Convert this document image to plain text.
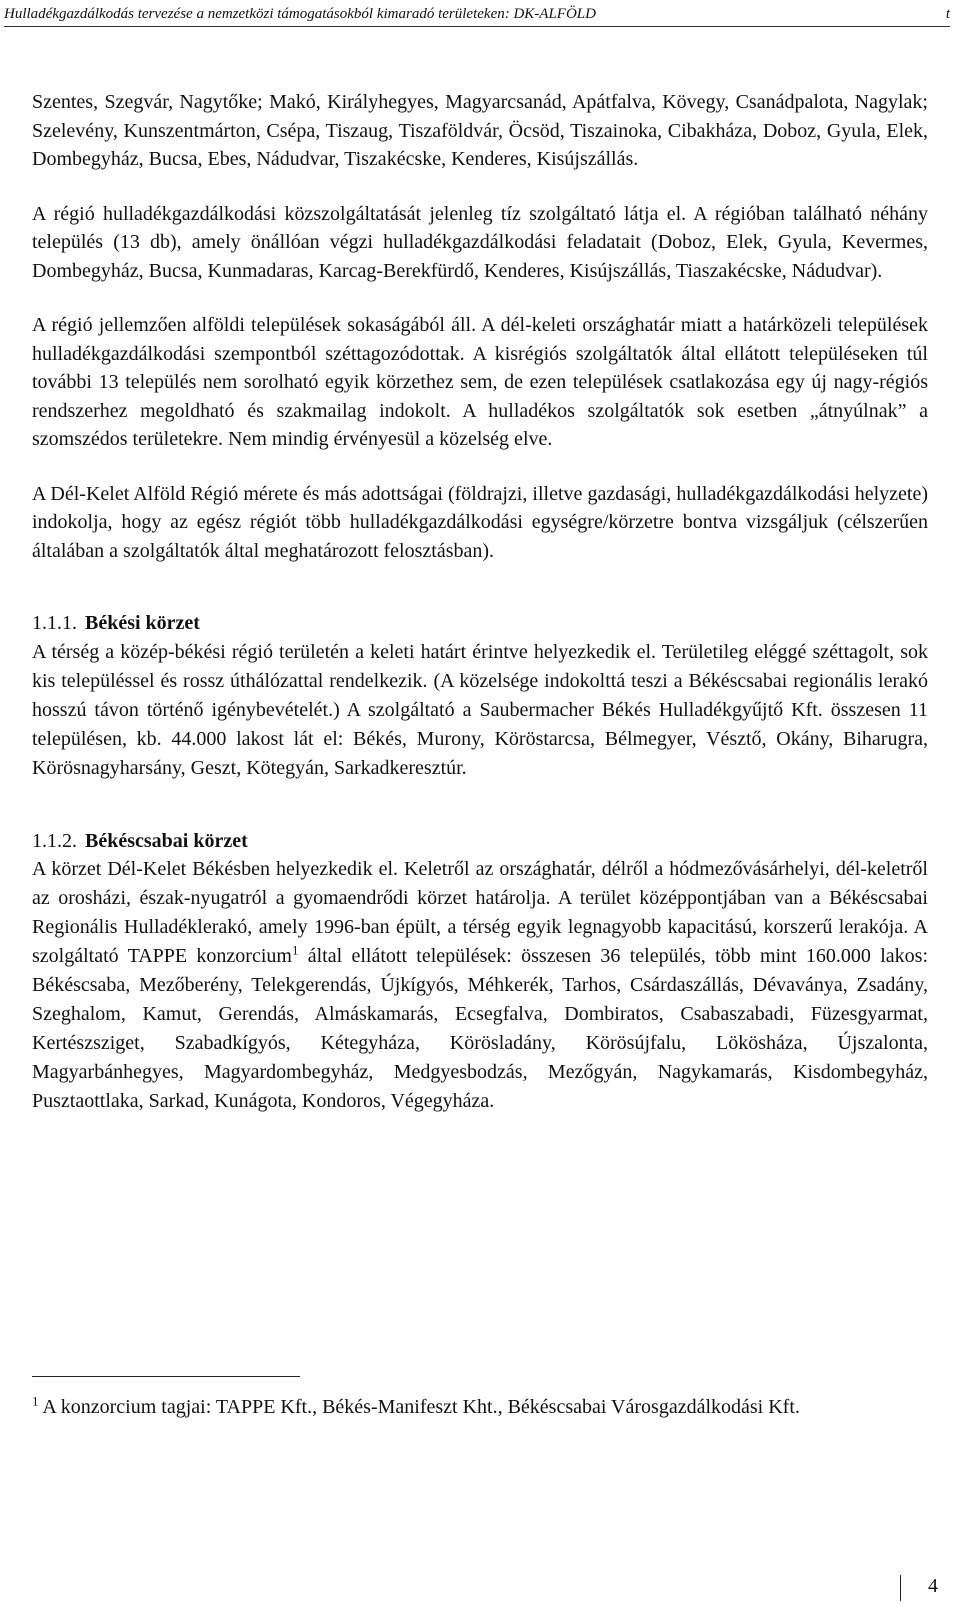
Hulladékgazdálkodás tervezése a nemzetközi támogatásokból kimaradó területeken: DK-ALFÖLD	t

Szentes, Szegvár, Nagytőke; Makó, Királyhegyes, Magyarcsanád, Apátfalva, Kövegy, Csanádpalota, Nagylak; Szelevény, Kunszentmárton, Csépa, Tiszaug, Tiszaföldvár, Öcsöd, Tiszainoka, Cibakháza, Doboz, Gyula, Elek, Dombegyház, Bucsa, Ebes, Nádudvar, Tiszakécske, Kenderes, Kisújszállás.

A régió hulladékgazdálkodási közszolgáltatását jelenleg tíz szolgáltató látja el. A régióban található néhány település (13 db), amely önállóan végzi hulladékgazdálkodási feladatait (Doboz, Elek, Gyula, Kevermes, Dombegyház, Bucsa, Kunmadaras, Karcag-Berekfürdő, Kenderes, Kisújszállás, Tiaszakécske, Nádudvar).

A régió jellemzően alföldi települések sokaságából áll. A dél-keleti országhatár miatt a határközeli települések hulladékgazdálkodási szempontból széttagozódottak. A kisrégiós szolgáltatók által ellátott településeken túl további 13 település nem sorolható egyik körzethez sem, de ezen települések csatlakozása egy új nagy-régiós rendszerhez megoldható és szakmailag indokolt. A hulladékos szolgáltatók sok esetben „átnyúlnak” a szomszédos területekre. Nem mindig érvényesül a közelség elve.

A Dél-Kelet Alföld Régió mérete és más adottságai (földrajzi, illetve gazdasági, hulladékgazdálkodási helyzete) indokolja, hogy az egész régiót több hulladékgazdálkodási egységre/körzetre bontva vizsgáljuk (célszerűen általában a szolgáltatók által meghatározott felosztásban).

1.1.1. Békési körzet

A térség a közép-békési régió területén a keleti határt érintve helyezkedik el. Területileg eléggé széttagolt, sok kis településsel és rossz úthálózattal rendelkezik. (A közelsége indokolttá teszi a Békéscsabai regionális lerakó hosszú távon történő igénybevételét.) A szolgáltató a Saubermacher Békés Hulladékgyűjtő Kft. összesen 11 településen, kb. 44.000 lakost lát el: Békés, Murony, Köröstarcsa, Bélmegyer, Vésztő, Okány, Biharugra, Körösnagyharsány, Geszt, Kötegyán, Sarkadkeresztúr.

1.1.2. Békéscsabai körzet

A körzet Dél-Kelet Békésben helyezkedik el. Keletről az országhatár, délről a hódmezővásárhelyi, dél-keletről az orosházi, észak-nyugatról a gyomaendrődi körzet határolja. A terület középpontjában van a Békéscsabai Regionális Hulladéklerakó, amely 1996-ban épült, a térség egyik legnagyobb kapacitású, korszerű lerakója. A szolgáltató TAPPE konzorcium$^1$ által ellátott települések: összesen 36 település, több mint 160.000 lakos: Békéscsaba, Mezőberény, Telekgerendás, Újkígyós, Méhkerék, Tarhos, Csárdaszállás, Dévaványa, Zsadány, Szeghalom, Kamut, Gerendás, Almáskamarás, Ecsegfalva, Dombiratos, Csabaszabadi, Füzesgyarmat, Kertészsziget, Szabadkígyós, Kétegyháza, Körösladány, Körösújfalu, Lökösháza, Újszalonta, Magyarbánhegyes, Magyardombegyház, Medgyesbodzás, Mezőgyán, Nagykamarás, Kisdombegyház, Pusztaottlaka, Sarkad, Kunágota, Kondoros, Végegyháza.

$^1$ A konzorcium tagjai: TAPPE Kft., Békés-Manifeszt Kht., Békéscsabai Városgazdálkodási Kft.
4
